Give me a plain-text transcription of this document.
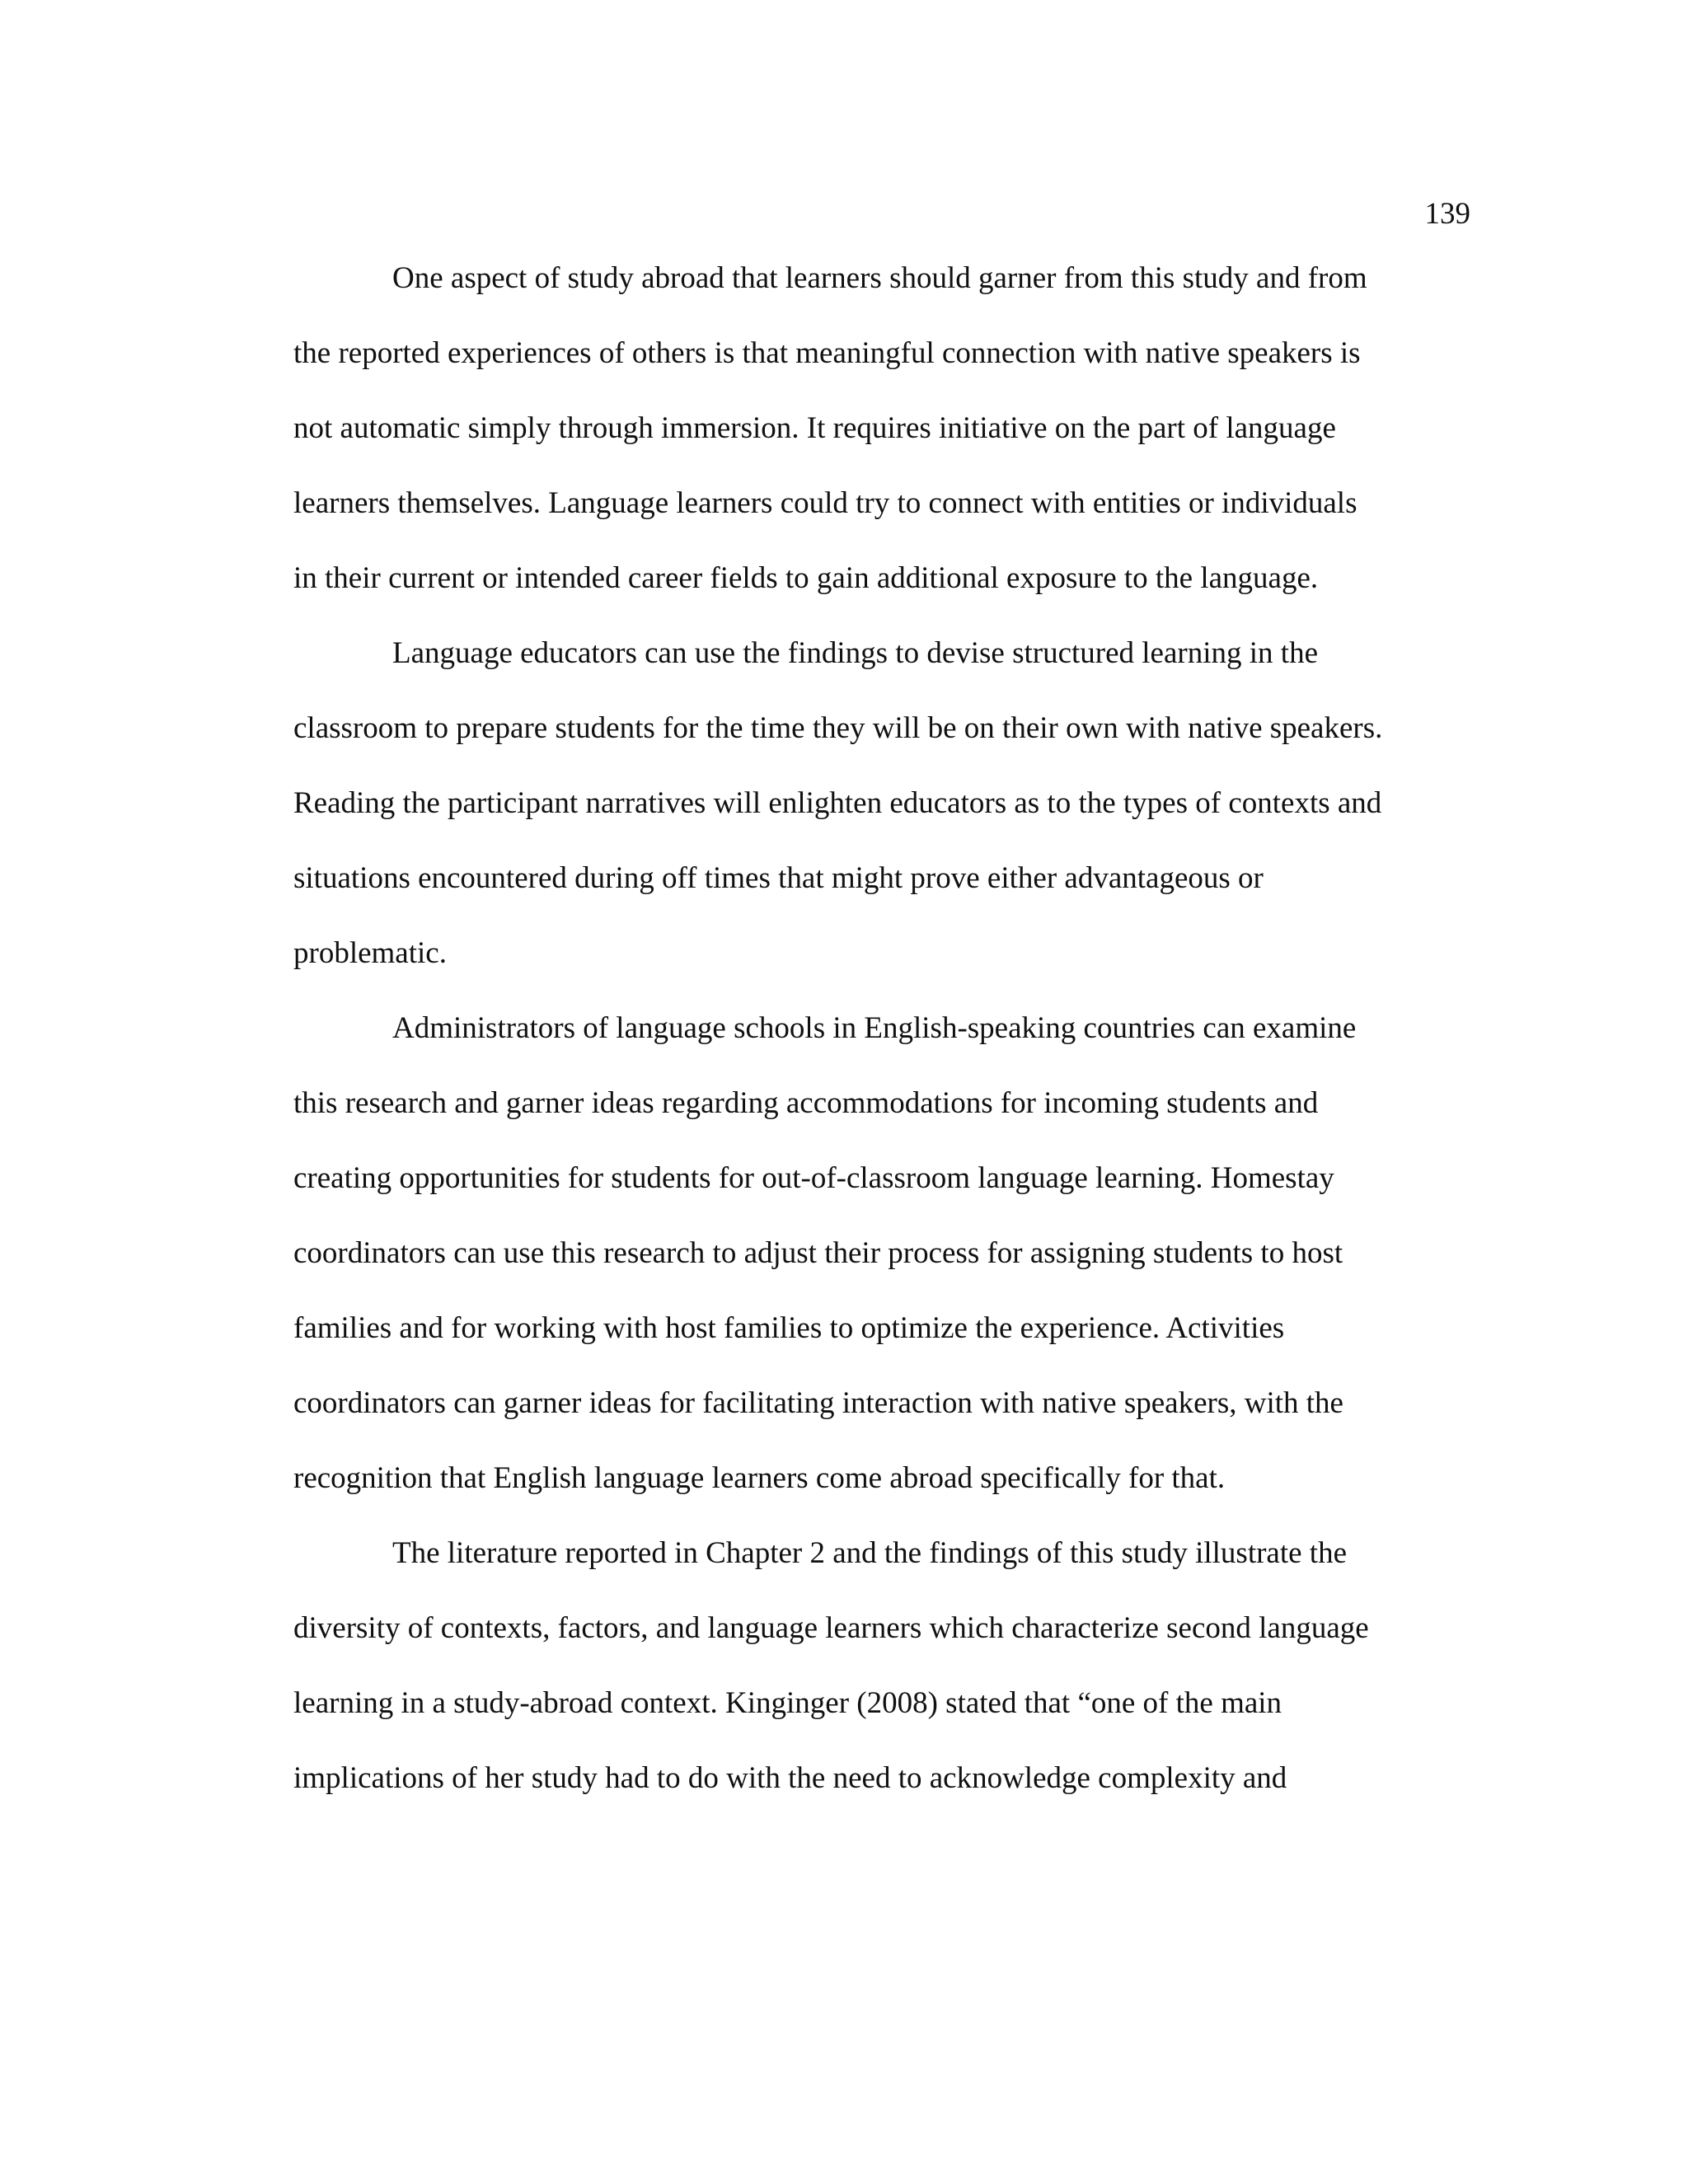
139
One aspect of study abroad that learners should garner from this study and from
the reported experiences of others is that meaningful connection with native speakers is
not automatic simply through immersion. It requires initiative on the part of language
learners themselves. Language learners could try to connect with entities or individuals
in their current or intended career fields to gain additional exposure to the language.
Language educators can use the findings to devise structured learning in the
classroom to prepare students for the time they will be on their own with native speakers.
Reading the participant narratives will enlighten educators as to the types of contexts and
situations encountered during off times that might prove either advantageous or
problematic.
Administrators of language schools in English-speaking countries can examine
this research and garner ideas regarding accommodations for incoming students and
creating opportunities for students for out-of-classroom language learning. Homestay
coordinators can use this research to adjust their process for assigning students to host
families and for working with host families to optimize the experience. Activities
coordinators can garner ideas for facilitating interaction with native speakers, with the
recognition that English language learners come abroad specifically for that.
The literature reported in Chapter 2 and the findings of this study illustrate the
diversity of contexts, factors, and language learners which characterize second language
learning in a study-abroad context. Kinginger (2008) stated that “one of the main
implications of her study had to do with the need to acknowledge complexity and
